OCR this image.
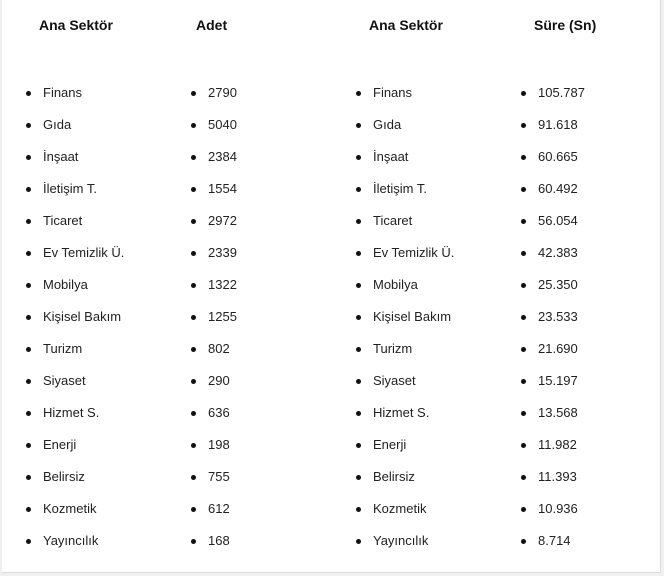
Ana Sektör
Finans
Gıda
İnşaat
İletişim T.
Ticaret
Ev Temizlik Ü.
Mobilya
Kişisel Bakım
Turizm
Siyaset
Hizmet S.
Enerji
Belirsiz
Kozmetik
Yayıncılık
Adet
2790
5040
2384
1554
2972
2339
1322
1255
802
290
636
198
755
612
168
Ana Sektör
Finans
Gıda
İnşaat
İletişim T.
Ticaret
Ev Temizlik Ü.
Mobilya
Kişisel Bakım
Turizm
Siyaset
Hizmet S.
Enerji
Belirsiz
Kozmetik
Yayıncılık
Süre (Sn)
105.787
91.618
60.665
60.492
56.054
42.383
25.350
23.533
21.690
15.197
13.568
11.982
11.393
10.936
8.714
